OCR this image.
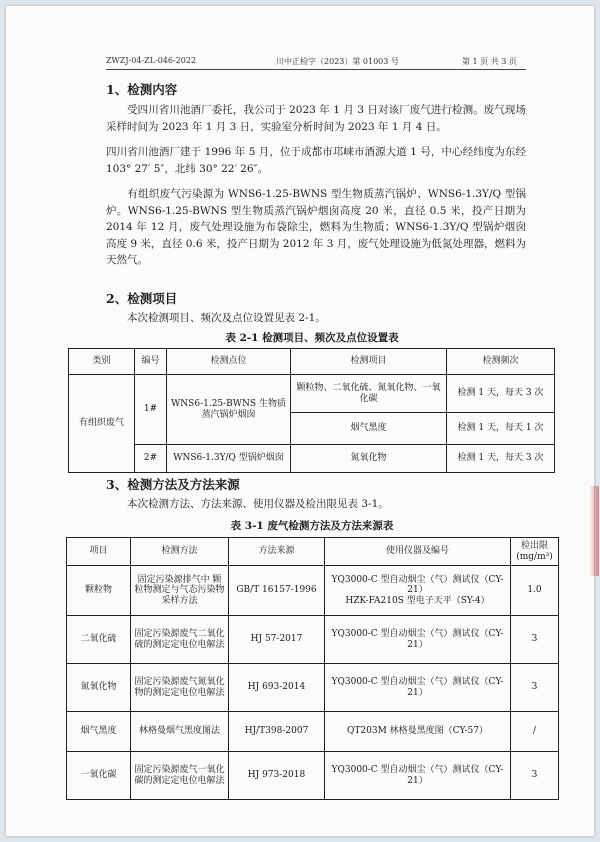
ZWZJ-04-ZL-046-2022	川中正检字（2023）第 01003 号	第 1 页 共 3 页
1、检测内容
受四川省川池酒厂委托，我公司于 2023 年 1 月 3 日对该厂废气进行检测。废气现场采样时间为 2023 年 1 月 3 日，实验室分析时间为 2023 年 1 月 4 日。
四川省川池酒厂建于 1996 年 5 月，位于成都市邛崃市酒源大道 1 号，中心经纬度为东经 103° 27′ 5″，北纬 30° 22′ 26″。
有组织废气污染源为 WNS6-1.25-BWNS 型生物质蒸汽锅炉、WNS6-1.3Y/Q 型锅炉。WNS6-1.25-BWNS 型生物质蒸汽锅炉烟囱高度 20 米，直径 0.5 米，投产日期为 2014 年 12 月，废气处理设施为布袋除尘，燃料为生物质；WNS6-1.3Y/Q 型锅炉烟囱高度 9 米，直径 0.6 米，投产日期为 2012 年 3 月，废气处理设施为低氮处理器，燃料为天然气。
2、检测项目
本次检测项目、频次及点位设置见表 2-1。
表 2-1 检测项目、频次及点位设置表
类别	编号	检测点位	检测项目	检测频次
有组织废气	1#	WNS6-1.25-BWNS 生物质蒸汽锅炉烟囱	颗粒物、二氧化硫、氮氧化物、一氧化碳	检测 1 天，每天 3 次
			烟气黑度	检测 1 天，每天 1 次
	2#	WNS6-1.3Y/Q 型锅炉烟囱	氮氧化物	检测 1 天，每天 3 次
3、检测方法及方法来源
本次检测方法、方法来源、使用仪器及检出限见表 3-1。
表 3-1 废气检测方法及方法来源表
项目	检测方法	方法来源	使用仪器及编号	检出限
(mg/m³)
颗粒物	固定污染源排气中 颗粒物测定与气态污染物采样方法	GB/T 16157-1996	YQ3000-C 型自动烟尘（气）测试仪（CY-21）
HZK-FA210S 型电子天平（SY-4）	1.0
二氧化硫	固定污染源废气二氧化硫的测定定电位电解法	HJ 57-2017	YQ3000-C 型自动烟尘（气）测试仪（CY-21）	3
氮氧化物	固定污染源废气氮氧化物的测定定电位电解法	HJ 693-2014	YQ3000-C 型自动烟尘（气）测试仪（CY-21）	3
烟气黑度	林格曼烟气黑度图法	HJ/T398-2007	QT203M 林格曼黑度图（CY-57）	/
一氧化碳	固定污染源废气一氧化碳的测定定电位电解法	HJ 973-2018	YQ3000-C 型自动烟尘（气）测试仪（CY-21）	3
